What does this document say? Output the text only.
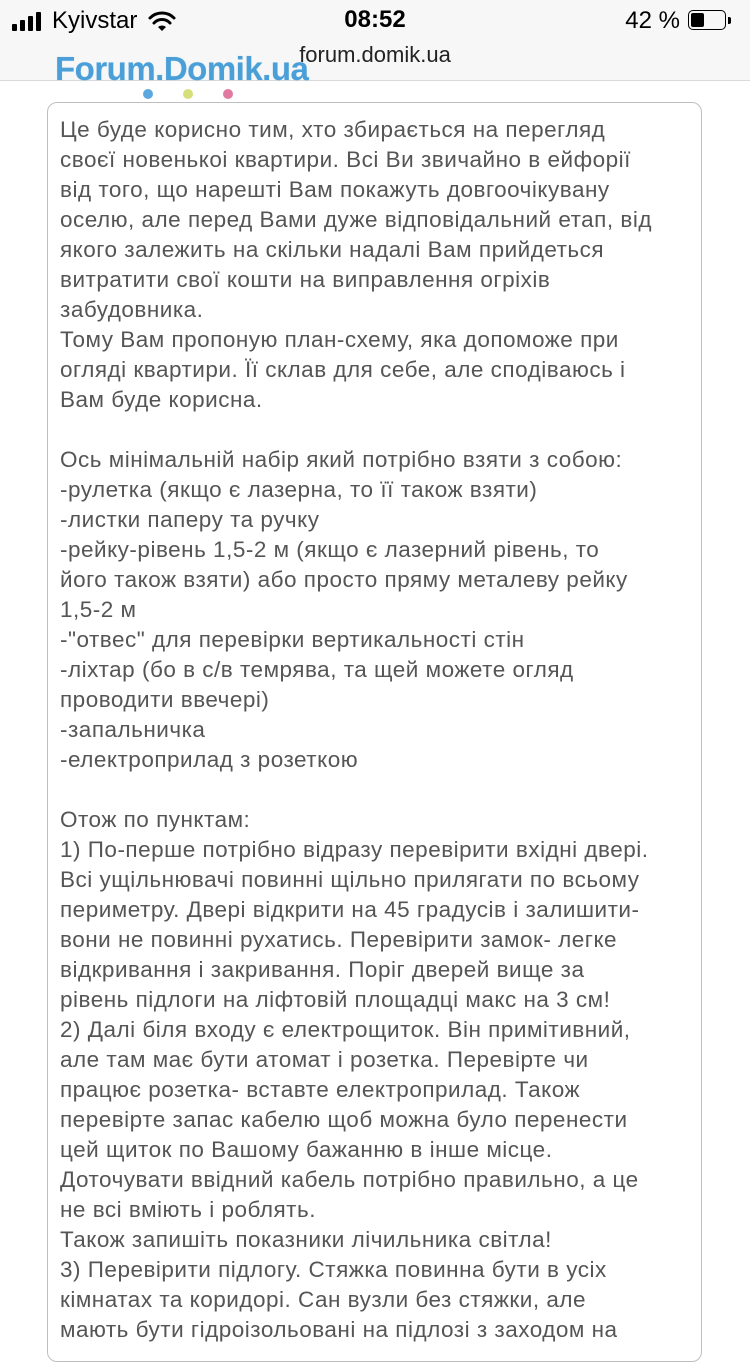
Kyivstar	08:52	42 %
forum.domik.ua
Forum.Domik.ua
Це буде корисно тим, хто збирається на перегляд
своєї новенькоі квартири. Всі Ви звичайно в ейфорії
від того, що нарешті Вам покажуть довгоочікувану
оселю, але перед Вами дуже відповідальний етап, від
якого залежить на скільки надалі Вам прийдеться
витратити свої кошти на виправлення огріхів
забудовника.
Тому Вам пропоную план-схему, яка допоможе при
огляді квартири. Її склав для себе, але сподіваюсь і
Вам буде корисна.
Ось мінімальній набір який потрібно взяти з собою:
-рулетка (якщо є лазерна, то її також взяти)
-листки паперу та ручку
-рейку-рівень 1,5-2 м (якщо є лазерний рівень, то
його також взяти) або просто пряму металеву рейку
1,5-2 м
-"отвес" для перевірки вертикальності стін
-ліхтар (бо в с/в темрява, та щей можете огляд
проводити ввечері)
-запальничка
-електроприлад з розеткою
Отож по пунктам:
1) По-перше потрібно відразу перевірити вхідні двері.
Всі ущільнювачі повинні щільно прилягати по всьому
периметру. Двері відкрити на 45 градусів і залишити-
вони не повинні рухатись. Перевірити замок- легке
відкривання і закривання. Поріг дверей вище за
рівень підлоги на ліфтовій площадці макс на 3 см!
2) Далі біля входу є електрощиток. Він примітивний,
але там має бути атомат і розетка. Перевірте чи
працює розетка- вставте електроприлад. Також
перевірте запас кабелю щоб можна було перенести
цей щиток по Вашому бажанню в інше місце.
Доточувати ввідний кабель потрібно правильно, а це
не всі вміють і роблять.
Також запишіть показники лічильника світла!
3) Перевірити підлогу. Стяжка повинна бути в усіх
кімнатах та коридорі. Сан вузли без стяжки, але
мають бути гідроізольовані на підлозі з заходом на
